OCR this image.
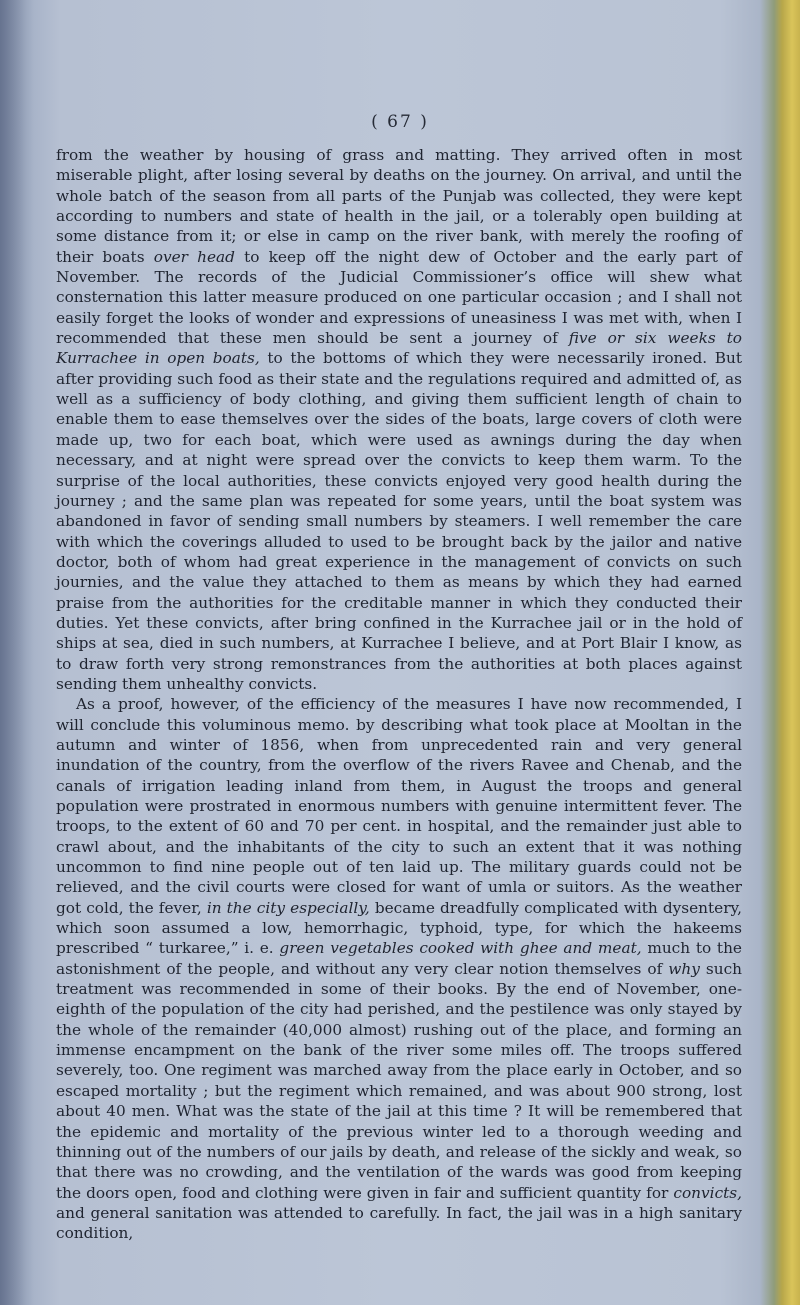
( 67 )

from the weather by housing of grass and matting. They arrived often in most miserable plight, after losing several by deaths on the journey. On arrival, and until the whole batch of the season from all parts of the Punjab was collected, they were kept according to numbers and state of health in the jail, or a tolerably open building at some distance from it; or else in camp on the river bank, with merely the roofing of their boats over head to keep off the night dew of October and the early part of November. The records of the Judicial Commissioner’s office will shew what consternation this latter measure produced on one particular occasion ; and I shall not easily forget the looks of wonder and expressions of uneasiness I was met with, when I recommended that these men should be sent a journey of five or six weeks to Kurrachee in open boats, to the bottoms of which they were necessarily ironed. But after providing such food as their state and the regulations required and admitted of, as well as a sufficiency of body clothing, and giving them sufficient length of chain to enable them to ease themselves over the sides of the boats, large covers of cloth were made up, two for each boat, which were used as awnings during the day when necessary, and at night were spread over the convicts to keep them warm. To the surprise of the local authorities, these convicts enjoyed very good health during the journey ; and the same plan was repeated for some years, until the boat system was abandoned in favor of sending small numbers by steamers. I well remember the care with which the coverings alluded to used to be brought back by the jailor and native doctor, both of whom had great experience in the management of convicts on such journies, and the value they attached to them as means by which they had earned praise from the authorities for the creditable manner in which they conducted their duties. Yet these convicts, after bring confined in the Kurrachee jail or in the hold of ships at sea, died in such numbers, at Kurrachee I believe, and at Port Blair I know, as to draw forth very strong remonstrances from the authorities at both places against sending them unhealthy convicts.

As a proof, however, of the efficiency of the measures I have now recommended, I will conclude this voluminous memo. by describing what took place at Mooltan in the autumn and winter of 1856, when from unprecedented rain and very general inundation of the country, from the overflow of the rivers Ravee and Chenab, and the canals of irrigation leading inland from them, in August the troops and general population were prostrated in enormous numbers with genuine intermittent fever. The troops, to the extent of 60 and 70 per cent. in hospital, and the remainder just able to crawl about, and the inhabitants of the city to such an extent that it was nothing uncommon to find nine people out of ten laid up. The military guards could not be relieved, and the civil courts were closed for want of umla or suitors. As the weather got cold, the fever, in the city especially, became dreadfully complicated with dysentery, which soon assumed a low, hemorrhagic, typhoid, type, for which the hakeems prescribed “ turkaree,” i. e. green vegetables cooked with ghee and meat, much to the astonishment of the people, and without any very clear notion themselves of why such treatment was recommended in some of their books. By the end of November, one-eighth of the population of the city had perished, and the pestilence was only stayed by the whole of the remainder (40,000 almost) rushing out of the place, and forming an immense encampment on the bank of the river some miles off. The troops suffered severely, too. One regiment was marched away from the place early in October, and so escaped mortality ; but the regiment which remained, and was about 900 strong, lost about 40 men. What was the state of the jail at this time ? It will be remembered that the epidemic and mortality of the previous winter led to a thorough weeding and thinning out of the numbers of our jails by death, and release of the sickly and weak, so that there was no crowding, and the ventilation of the wards was good from keeping the doors open, food and clothing were given in fair and sufficient quantity for convicts, and general sanitation was attended to carefully. In fact, the jail was in a high sanitary condition,
